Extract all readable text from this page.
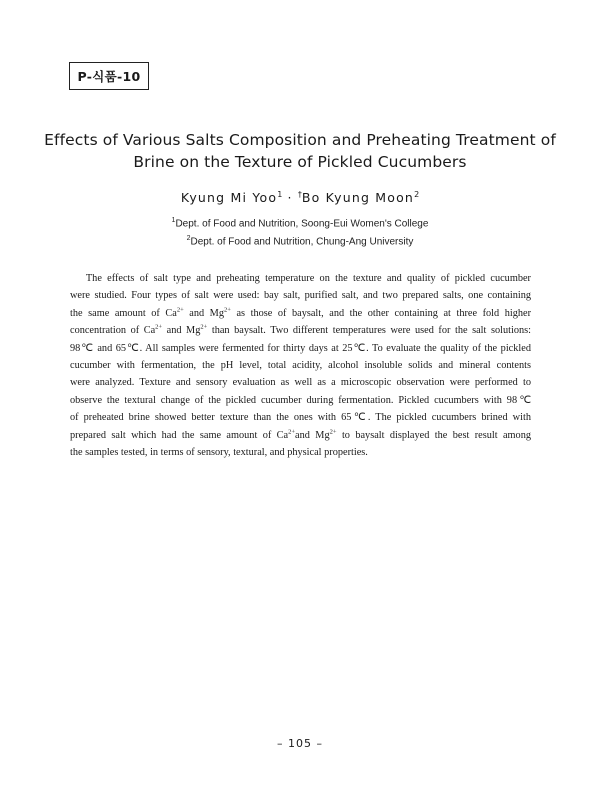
P-식품-10
Effects of Various Salts Composition and Preheating Treatment of
Brine on the Texture of Pickled Cucumbers
Kyung Mi Yoo$^1$ · †Bo Kyung Moon$^2$
$^1$Dept. of Food and Nutrition, Soong-Eui Women's College
$^2$Dept. of Food and Nutrition, Chung-Ang University
The effects of salt type and preheating temperature on the texture and quality of pickled cucumber
were studied. Four types of salt were used: bay salt, purified salt, and two prepared salts, one containing
the same amount of $Ca^{2+}$ and $Mg^{2+}$ as those of baysalt, and the other containing at three fold higher
concentration of $Ca^{2+}$ and $Mg^{2+}$ than baysalt. Two different temperatures were used for the salt solutions:
98℃ and 65℃. All samples were fermented for thirty days at 25℃. To evaluate the quality of the pickled
cucumber with fermentation, the pH level, total acidity, alcohol insoluble solids and mineral contents
were analyzed. Texture and sensory evaluation as well as a microscopic observation were performed to
observe the textural change of the pickled cucumber during fermentation. Pickled cucumbers with 98℃
of preheated brine showed better texture than the ones with 65℃. The pickled cucumbers brined with
prepared salt which had the same amount of $Ca^{2+}and$ $Mg^{2+}$ to baysalt displayed the best result among
the samples tested, in terms of sensory, textural, and physical properties.
– 105 –
